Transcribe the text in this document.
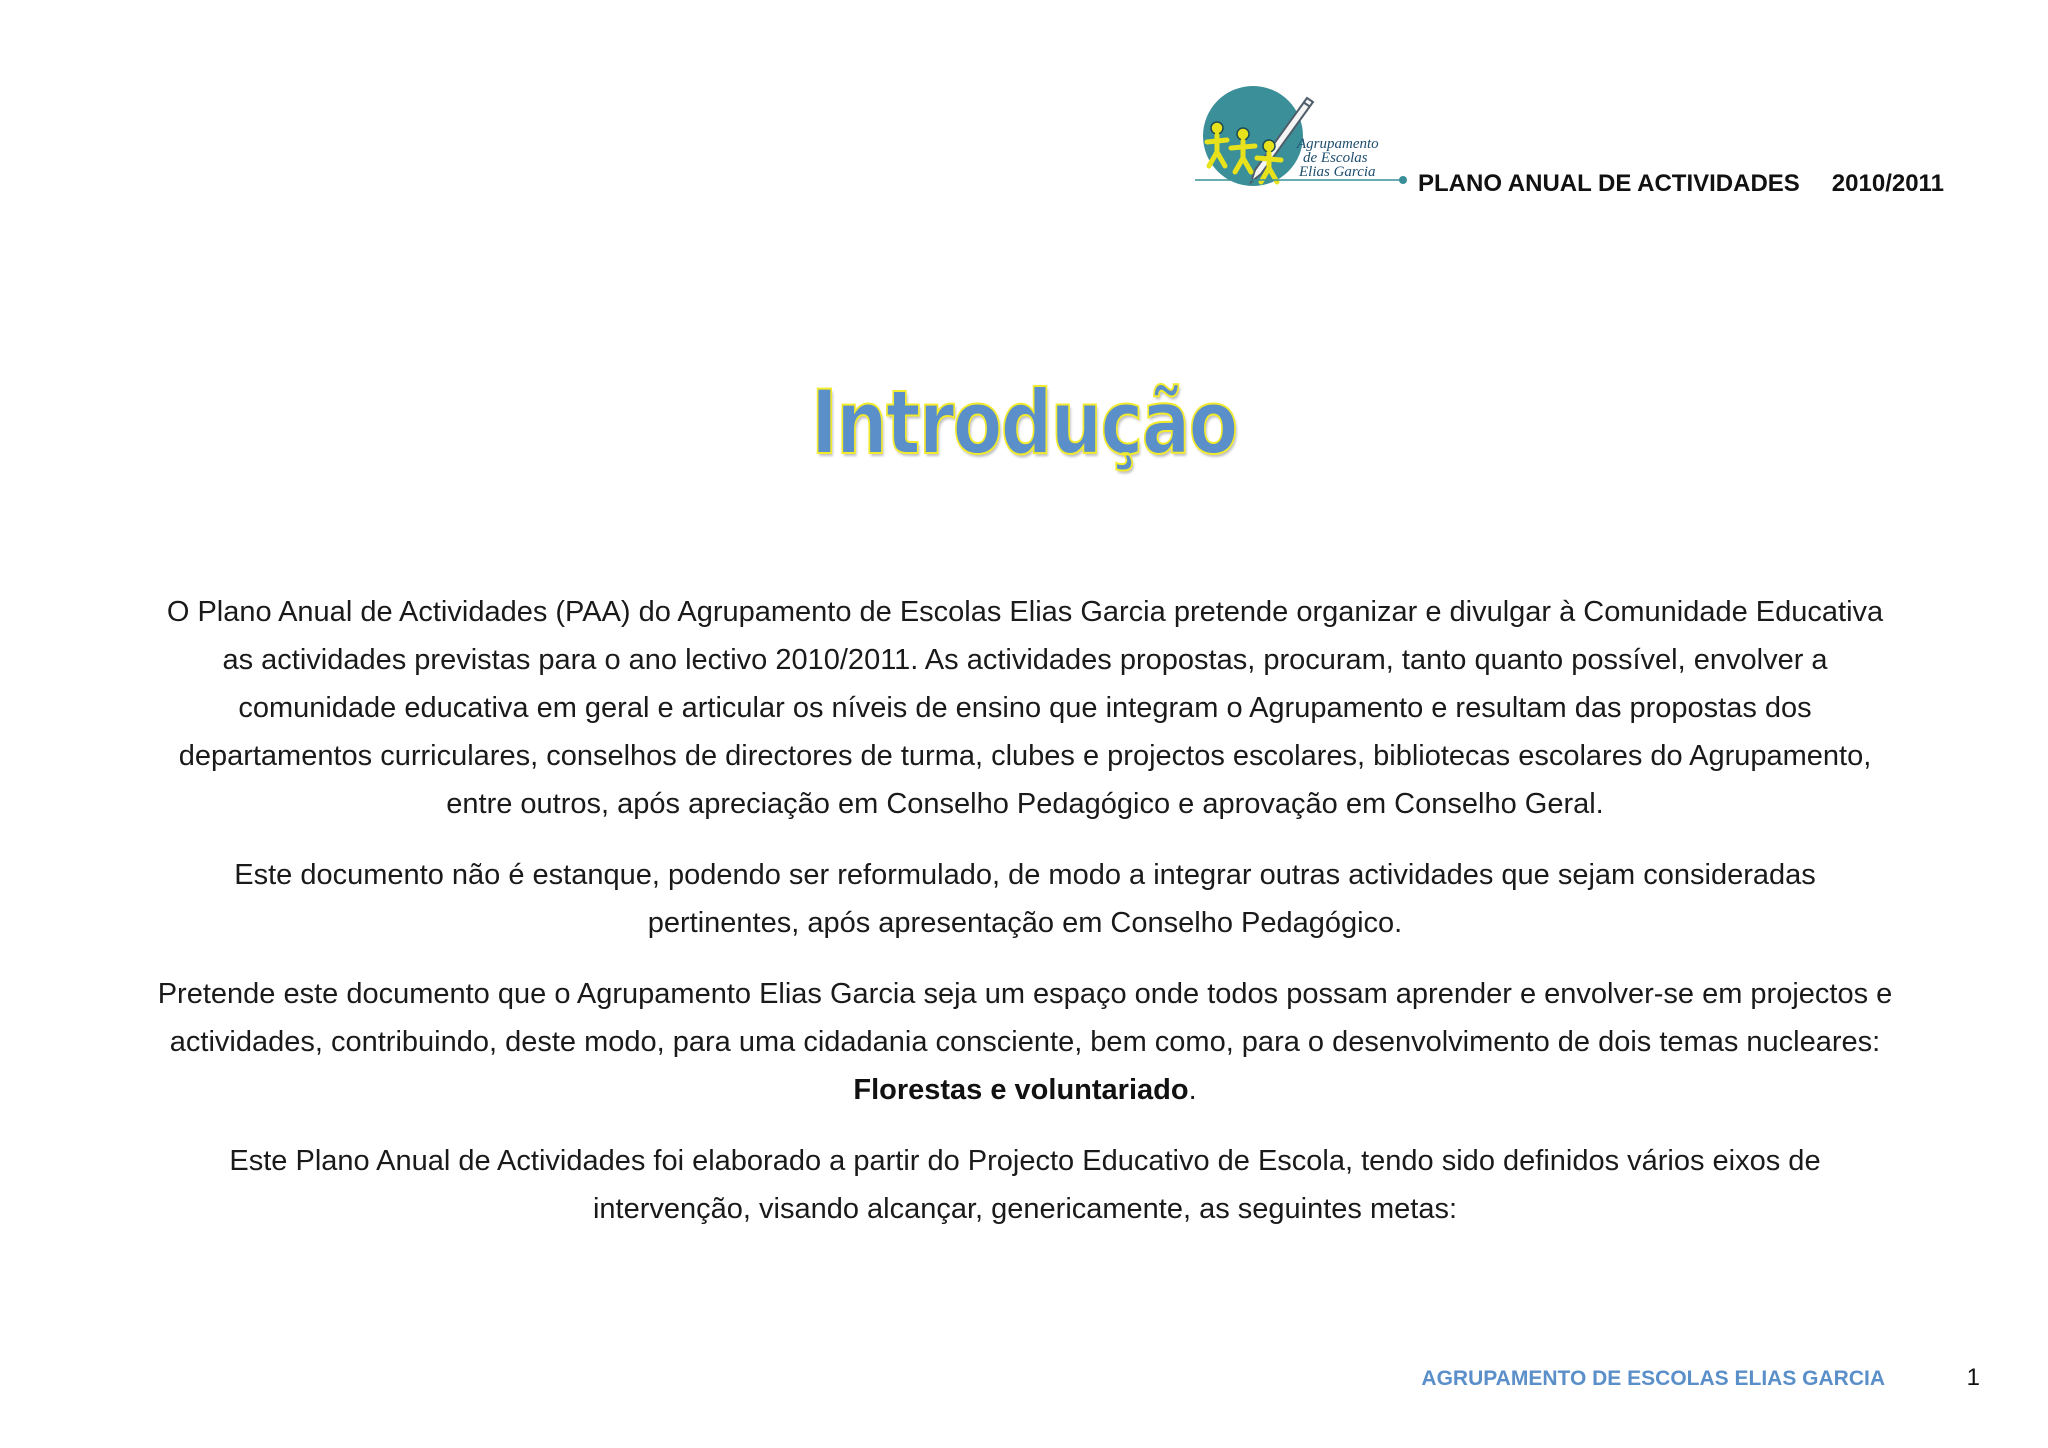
Agrupamento
de Escolas
Elias Garcia PLANO ANUAL DE ACTIVIDADES 2010/2011
Introdução

O Plano Anual de Actividades (PAA) do Agrupamento de Escolas Elias Garcia pretende organizar e divulgar à Comunidade Educativa
as actividades previstas para o ano lectivo 2010/2011. As actividades propostas, procuram, tanto quanto possível, envolver a
comunidade educativa em geral e articular os níveis de ensino que integram o Agrupamento e resultam das propostas dos
departamentos curriculares, conselhos de directores de turma, clubes e projectos escolares, bibliotecas escolares do Agrupamento,
entre outros, após apreciação em Conselho Pedagógico e aprovação em Conselho Geral.

Este documento não é estanque, podendo ser reformulado, de modo a integrar outras actividades que sejam consideradas
pertinentes, após apresentação em Conselho Pedagógico.

Pretende este documento que o Agrupamento Elias Garcia seja um espaço onde todos possam aprender e envolver-se em projectos e
actividades, contribuindo, deste modo, para uma cidadania consciente, bem como, para o desenvolvimento de dois temas nucleares:
Florestas e voluntariado.

Este Plano Anual de Actividades foi elaborado a partir do Projecto Educativo de Escola, tendo sido definidos vários eixos de
intervenção, visando alcançar, genericamente, as seguintes metas:

AGRUPAMENTO DE ESCOLAS ELIAS GARCIA	1
